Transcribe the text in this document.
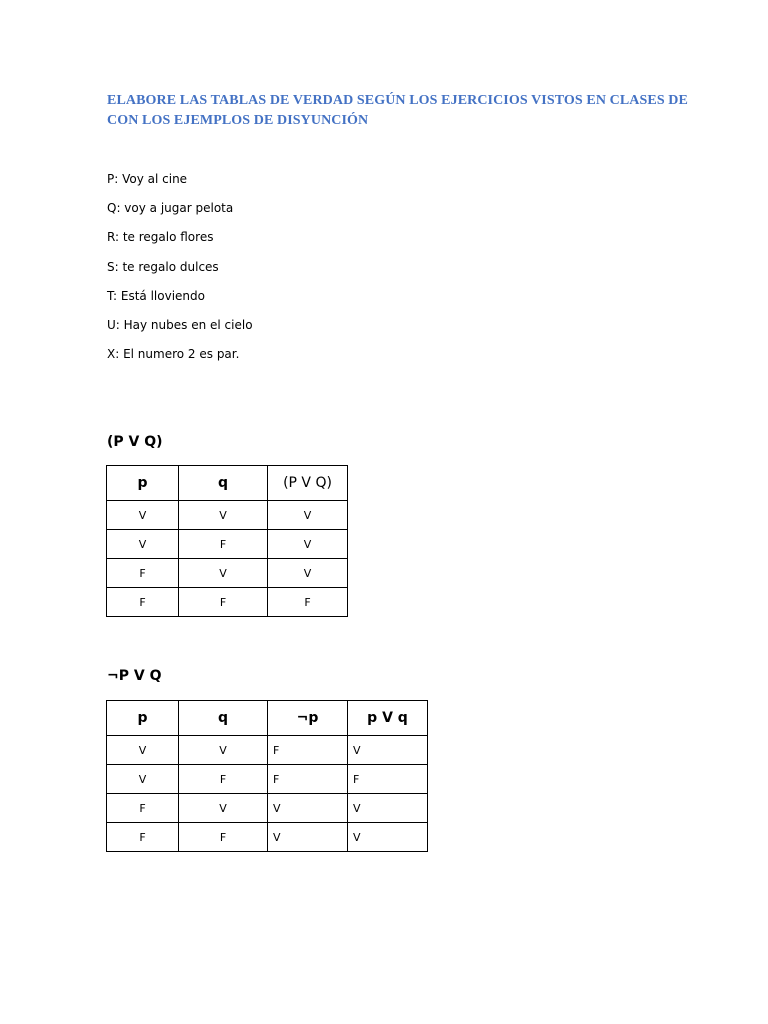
ELABORE LAS TABLAS DE VERDAD SEGÚN LOS EJERCICIOS VISTOS EN CLASES DE
CON LOS EJEMPLOS DE DISYUNCIÓN
P: Voy al cine
Q: voy a jugar pelota
R: te regalo flores
S: te regalo dulces
T: Está lloviendo
U: Hay nubes en el cielo
X: El numero 2 es par.
(P V Q)
p	q	(P V Q)
V	V	V
V	F	V
F	V	V
F	F	F
¬P V Q
p	q	¬p	p V q
V	V	F	V
V	F	F	F
F	V	V	V
F	F	V	V
